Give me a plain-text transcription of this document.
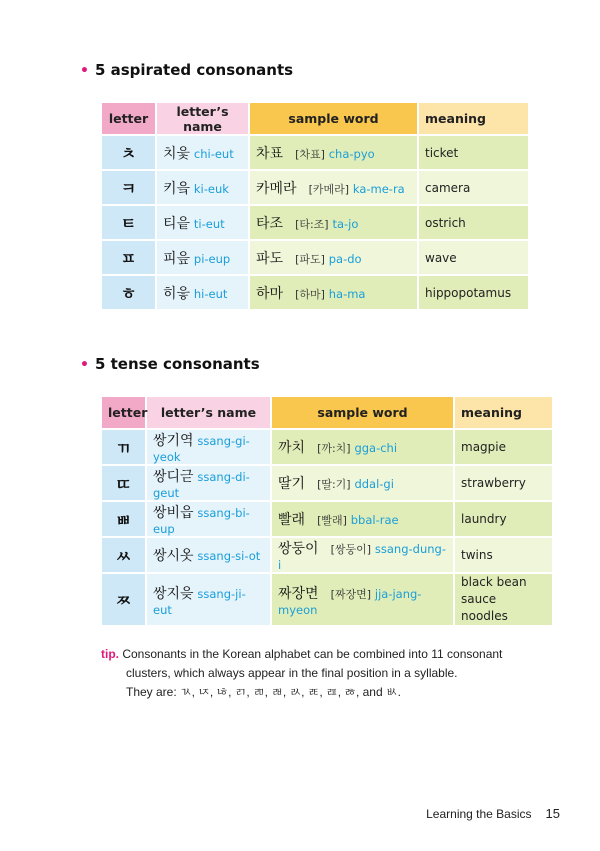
• 5 aspirated consonants
letter	letter’s name	sample word	meaning
ㅊ	치읓 chi-eut	차표 [차표] cha-pyo	ticket
ㅋ	키읔 ki-euk	카메라 [카메라] ka-me-ra	camera
ㅌ	티읕 ti-eut	타조 [타:조] ta-jo	ostrich
ㅍ	피읖 pi-eup	파도 [파도] pa-do	wave
ㅎ	히읗 hi-eut	하마 [하마] ha-ma	hippopotamus
• 5 tense consonants
letter	letter’s name	sample word	meaning
ㄲ	쌍기역 ssang-gi-yeok	까치 [까:치] gga-chi	magpie
ㄸ	쌍디귿 ssang-di-geut	딸기 [딸:기] ddal-gi	strawberry
ㅃ	쌍비읍 ssang-bi-eup	빨래 [빨래] bbal-rae	laundry
ㅆ	쌍시옷 ssang-si-ot	쌍둥이 [쌍둥이] ssang-dung-i	twins
ㅉ	쌍지읒 ssang-ji-eut	짜장면 [짜장면] jja-jang-myeon	black bean sauce noodles
tip. Consonants in the Korean alphabet can be combined into 11 consonant
clusters, which always appear in the final position in a syllable.
They are: ㄳ, ㄵ, ㄶ, ㄺ, ㄻ, ㄼ, ㄽ, ㄾ, ㄿ, ㅀ, and ㅄ.
Learning the Basics 15
